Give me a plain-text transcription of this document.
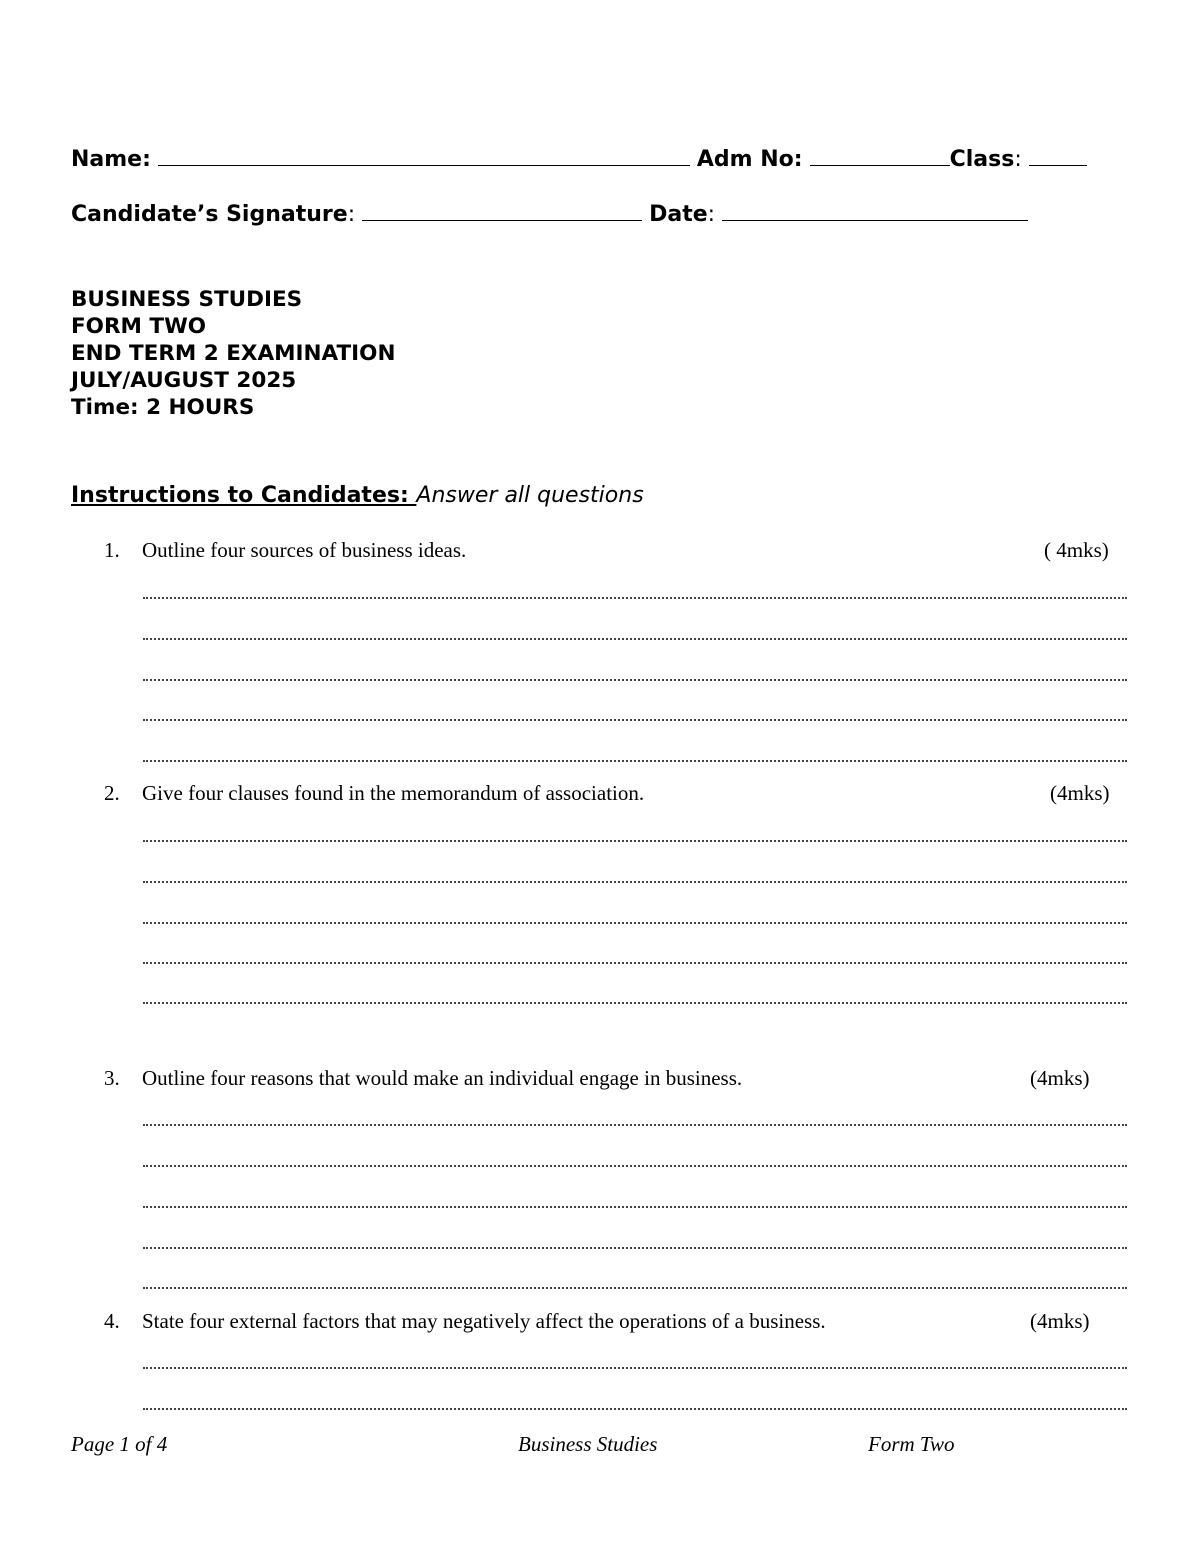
Name:	Adm No:	Class:
Candidate’s Signature:	Date:
BUSINESS STUDIES
FORM TWO
END TERM 2 EXAMINATION
JULY/AUGUST 2025
Time: 2 HOURS
Instructions to Candidates: Answer all questions
1. Outline four sources of business ideas.	( 4mks)
2. Give four clauses found in the memorandum of association.	(4mks)
3. Outline four reasons that would make an individual engage in business.	(4mks)
4. State four external factors that may negatively affect the operations of a business.	(4mks)
Page 1 of 4	Business Studies	Form Two
